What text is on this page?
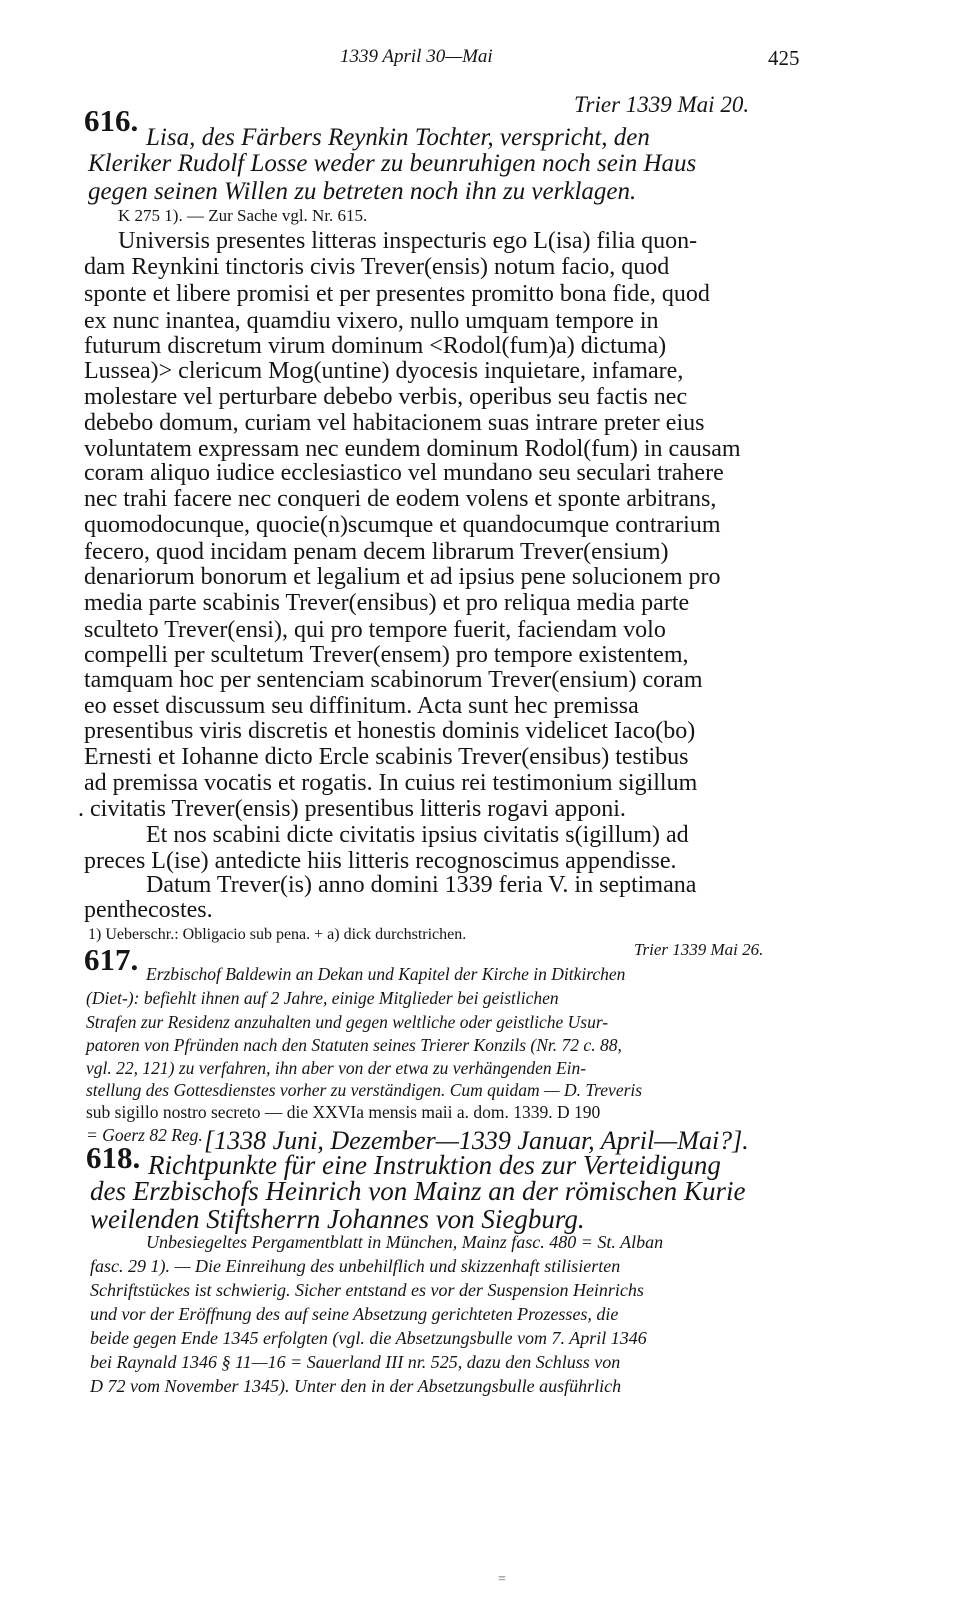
1339 April 30—Mai	425
616.	Trier 1339 Mai 20.
Lisa, des Färbers Reynkin Tochter, verspricht, den
Kleriker Rudolf Losse weder zu beunruhigen noch sein Haus
gegen seinen Willen zu betreten noch ihn zu verklagen.
K 275 1). — Zur Sache vgl. Nr. 615.
Universis presentes litteras inspecturis ego L(isa) filia quon-
dam Reynkini tinctoris civis Trever(ensis) notum facio, quod
sponte et libere promisi et per presentes promitto bona fide, quod
ex nunc inantea, quamdiu vixero, nullo umquam tempore in
futurum discretum virum dominum <Rodol(fum)a) dictuma)
Lussea)> clericum Mog(untine) dyocesis inquietare, infamare,
molestare vel perturbare debebo verbis, operibus seu factis nec
debebo domum, curiam vel habitacionem suas intrare preter eius
voluntatem expressam nec eundem dominum Rodol(fum) in causam
coram aliquo iudice ecclesiastico vel mundano seu seculari trahere
nec trahi facere nec conqueri de eodem volens et sponte arbitrans,
quomodocunque, quocie(n)scumque et quandocumque contrarium
fecero, quod incidam penam decem librarum Trever(ensium)
denariorum bonorum et legalium et ad ipsius pene solucionem pro
media parte scabinis Trever(ensibus) et pro reliqua media parte
sculteto Trever(ensi), qui pro tempore fuerit, faciendam volo
compelli per scultetum Trever(ensem) pro tempore existentem,
tamquam hoc per sentenciam scabinorum Trever(ensium) coram
eo esset discussum seu diffinitum. Acta sunt hec premissa
presentibus viris discretis et honestis dominis videlicet Iaco(bo)
Ernesti et Iohanne dicto Ercle scabinis Trever(ensibus) testibus
ad premissa vocatis et rogatis. In cuius rei testimonium sigillum
. civitatis Trever(ensis) presentibus litteris rogavi apponi.
Et nos scabini dicte civitatis ipsius civitatis s(igillum) ad
preces L(ise) antedicte hiis litteris recognoscimus appendisse.
Datum Trever(is) anno domini 1339 feria V. in septimana
penthecostes.
1) Ueberschr.: Obligacio sub pena. + a) dick durchstrichen.
617.	Trier 1339 Mai 26.
Erzbischof Baldewin an Dekan und Kapitel der Kirche in Ditkirchen
(Diet-): befiehlt ihnen auf 2 Jahre, einige Mitglieder bei geistlichen
Strafen zur Residenz anzuhalten und gegen weltliche oder geistliche Usur-
patoren von Pfründen nach den Statuten seines Trierer Konzils (Nr. 72 c. 88,
vgl. 22, 121) zu verfahren, ihn aber von der etwa zu verhängenden Ein-
stellung des Gottesdienstes vorher zu verständigen. Cum quidam — D. Treveris
sub sigillo nostro secreto — die XXVIa mensis maii a. dom. 1339. D 190
= Goerz 82 Reg.
618. [1338 Juni, Dezember—1339 Januar, April—Mai?].
Richtpunkte für eine Instruktion des zur Verteidigung
des Erzbischofs Heinrich von Mainz an der römischen Kurie
weilenden Stiftsherrn Johannes von Siegburg.
Unbesiegeltes Pergamentblatt in München, Mainz fasc. 480 = St. Alban
fasc. 29 1). — Die Einreihung des unbehilflich und skizzenhaft stilisierten
Schriftstückes ist schwierig. Sicher entstand es vor der Suspension Heinrichs
und vor der Eröffnung des auf seine Absetzung gerichteten Prozesses, die
beide gegen Ende 1345 erfolgten (vgl. die Absetzungsbulle vom 7. April 1346
bei Raynald 1346 § 11—16 = Sauerland III nr. 525, dazu den Schluss von
D 72 vom November 1345). Unter den in der Absetzungsbulle ausführlich
=
